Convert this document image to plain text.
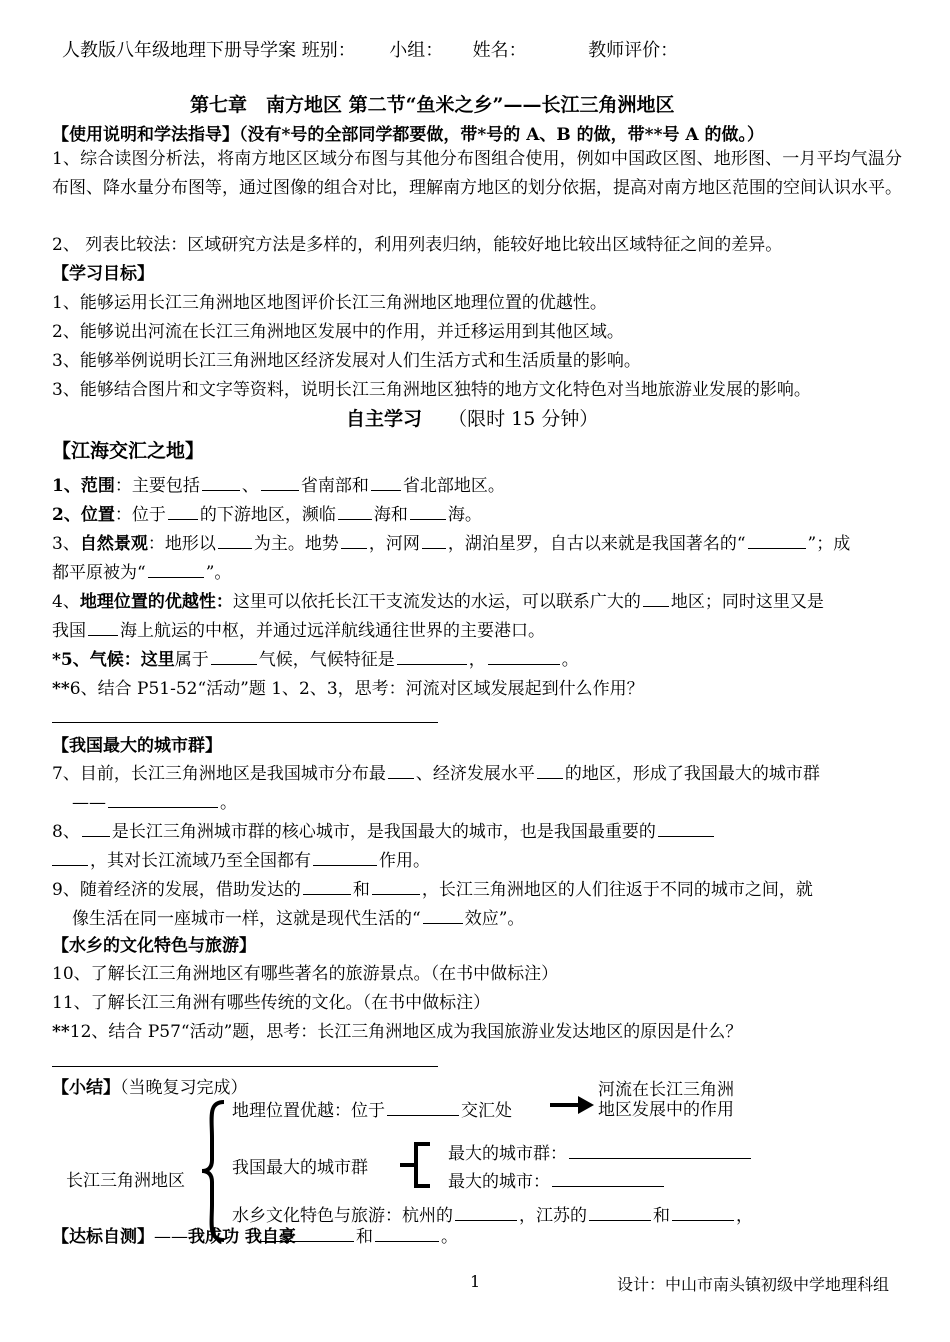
人教版八年级地理下册导学案 班别： 小组： 姓名：	教师评价：
第七章　南方地区 第二节“鱼米之乡”——长江三角洲地区
【使用说明和学法指导】（没有*号的全部同学都要做，带*号的 A、B 的做，带**号 A 的做。）
1、综合读图分析法，将南方地区区域分布图与其他分布图组合使用，例如中国政区图、地形图、一月平均气温分布图、降水量分布图等，通过图像的组合对比，理解南方地区的划分依据，提高对南方地区范围的空间认识水平。
2、 列表比较法：区域研究方法是多样的，利用列表归纳，能较好地比较出区域特征之间的差异。
【学习目标】
1、能够运用长江三角洲地区地图评价长江三角洲地区地理位置的优越性。
2、能够说出河流在长江三角洲地区发展中的作用，并迁移运用到其他区域。
3、能够举例说明长江三角洲地区经济发展对人们生活方式和生活质量的影响。
3、能够结合图片和文字等资料，说明长江三角洲地区独特的地方文化特色对当地旅游业发展的影响。
自主学习 （限时 15 分钟）
【江海交汇之地】
1、范围：主要包括 、 省南部和 省北部地区。
2、位置：位于 的下游地区，濒临 海和 海。
3、自然景观：地形以 为主。地势 ，河网 ，湖泊星罗，自古以来就是我国著名的“	”；成
都平原被为“	”。
4、地理位置的优越性：这里可以依托长江干支流发达的水运，可以联系广大的 地区；同时这里又是
我国 海上航运的中枢，并通过远洋航线通往世界的主要港口。
*5、气候：这里属于	气候，气候特征是	，	。
**6、结合 P51-52“活动”题 1、2、3，思考：河流对区域发展起到什么作用？
【我国最大的城市群】
7、目前，长江三角洲地区是我国城市分布最 、经济发展水平 的地区，形成了我国最大的城市群
——	。
8、 是长江三角洲城市群的核心城市，是我国最大的城市，也是我国最重要的
，其对长江流域乃至全国都有	作用。
9、随着经济的发展，借助发达的	和	，长江三角洲地区的人们往返于不同的城市之间，就
像生活在同一座城市一样，这就是现代生活的“	效应”。
【水乡的文化特色与旅游】
10、了解长江三角洲地区有哪些著名的旅游景点。（在书中做标注）
11、了解长江三角洲有哪些传统的文化。（在书中做标注）
**12、结合 P57“活动”题，思考：长江三角洲地区成为我国旅游业发达地区的原因是什么？
【小结】（当晚复习完成）
长江三角洲地区
地理位置优越：位于	交汇处
河流在长江三角洲
地区发展中的作用
我国最大的城市群
最大的城市群：
最大的城市：
水乡文化特色与旅游：杭州的	，江苏的	和	，
【达标自测】——我成功 我自豪	和	。
1	设计：中山市南头镇初级中学地理科组
